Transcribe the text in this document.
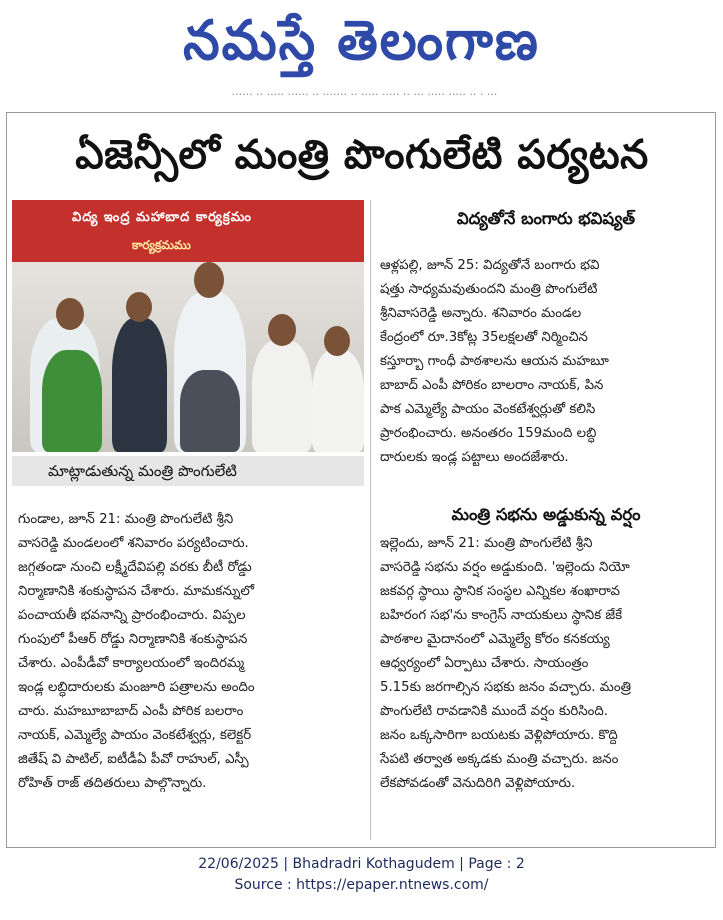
నమస్తే తెలంగాణ
...... .. ..... ...... .. ....... .. ..... ..... .. ... ..... ..... .. . ...
ఏజెన్సీలో మంత్రి పొంగులేటి పర్యటన
విద్య ఇంద్ర మహాబాద కార్యక్రమం
కార్యక్రమము
మాట్లాడుతున్న మంత్రి పొంగులేటి
గుండాల, జూన్ 21: మంత్రి పొంగులేటి శ్రీని
వాసరెడ్డి మండలంలో శనివారం పర్యటించారు.
జగ్గతండా నుంచి లక్ష్మీదేవిపల్లి వరకు బీటీ రోడ్డు
నిర్మాణానికి శంకుస్థాపన చేశారు. మామకన్నులో
పంచాయతీ భవనాన్ని ప్రారంభించారు. విప్పల
గుంపులో పీఆర్ రోడ్డు నిర్మాణానికి శంకుస్థాపన
చేశారు. ఎంపీడీవో కార్యాలయంలో ఇందిరమ్మ
ఇండ్ల లబ్ధిదారులకు మంజూరి పత్రాలను అందిం
చారు. మహబూబాబాద్ ఎంపీ పోరిక బలరాం
నాయక్, ఎమ్మెల్యే పాయం వెంకటేశ్వర్లు, కలెక్టర్
జితేష్ వి పాటిల్, ఐటీడీఏ పీవో రాహుల్, ఎస్పీ
రోహిత్ రాజ్ తదితరులు పాల్గొన్నారు.
విద్యతోనే బంగారు భవిష్యత్
ఆళ్లపల్లి, జూన్ 25: విద్యతోనే బంగారు భవి
షత్తు సాధ్యమవుతుందని మంత్రి పొంగులేటి
శ్రీనివాసరెడ్డి అన్నారు. శనివారం మండల
కేంద్రంలో రూ.3కోట్ల 35లక్షలతో నిర్మించిన
కస్తూర్బా గాంధీ పాఠశాలను ఆయన మహబూ
బాబాద్ ఎంపీ పోరికం బాలరాం నాయక్, పిన
పాక ఎమ్మెల్యే పాయం వెంకటేశ్వర్లుతో కలిసి
ప్రారంభించారు. అనంతరం 159మంది లబ్ధి
దారులకు ఇండ్ల పట్టాలు అందజేశారు.
మంత్రి సభను అడ్డుకున్న వర్షం
ఇల్లెందు, జూన్ 21: మంత్రి పొంగులేటి శ్రీని
వాసరెడ్డి సభను వర్షం అడ్డుకుంది. 'ఇల్లెందు నియో
జకవర్గ స్థాయి స్థానిక సంస్థల ఎన్నికల శంఖారావ
బహిరంగ సభ'ను కాంగ్రెస్ నాయకులు స్థానిక జేకే
పాఠశాల మైదానంలో ఎమ్మెల్యే కోరం కనకయ్య
ఆధ్వర్యంలో ఏర్పాటు చేశారు. సాయంత్రం
5.15కు జరగాల్సిన సభకు జనం వచ్చారు. మంత్రి
పొంగులేటి రావడానికి ముందే వర్షం కురిసింది.
జనం ఒక్కసారిగా బయటకు వెళ్లిపోయారు. కొద్ది
సేపటి తర్వాత అక్కడకు మంత్రి వచ్చారు. జనం
లేకపోవడంతో వెనుదిరిగి వెళ్లిపోయారు.
22/06/2025 | Bhadradri Kothagudem | Page : 2
Source : https://epaper.ntnews.com/
